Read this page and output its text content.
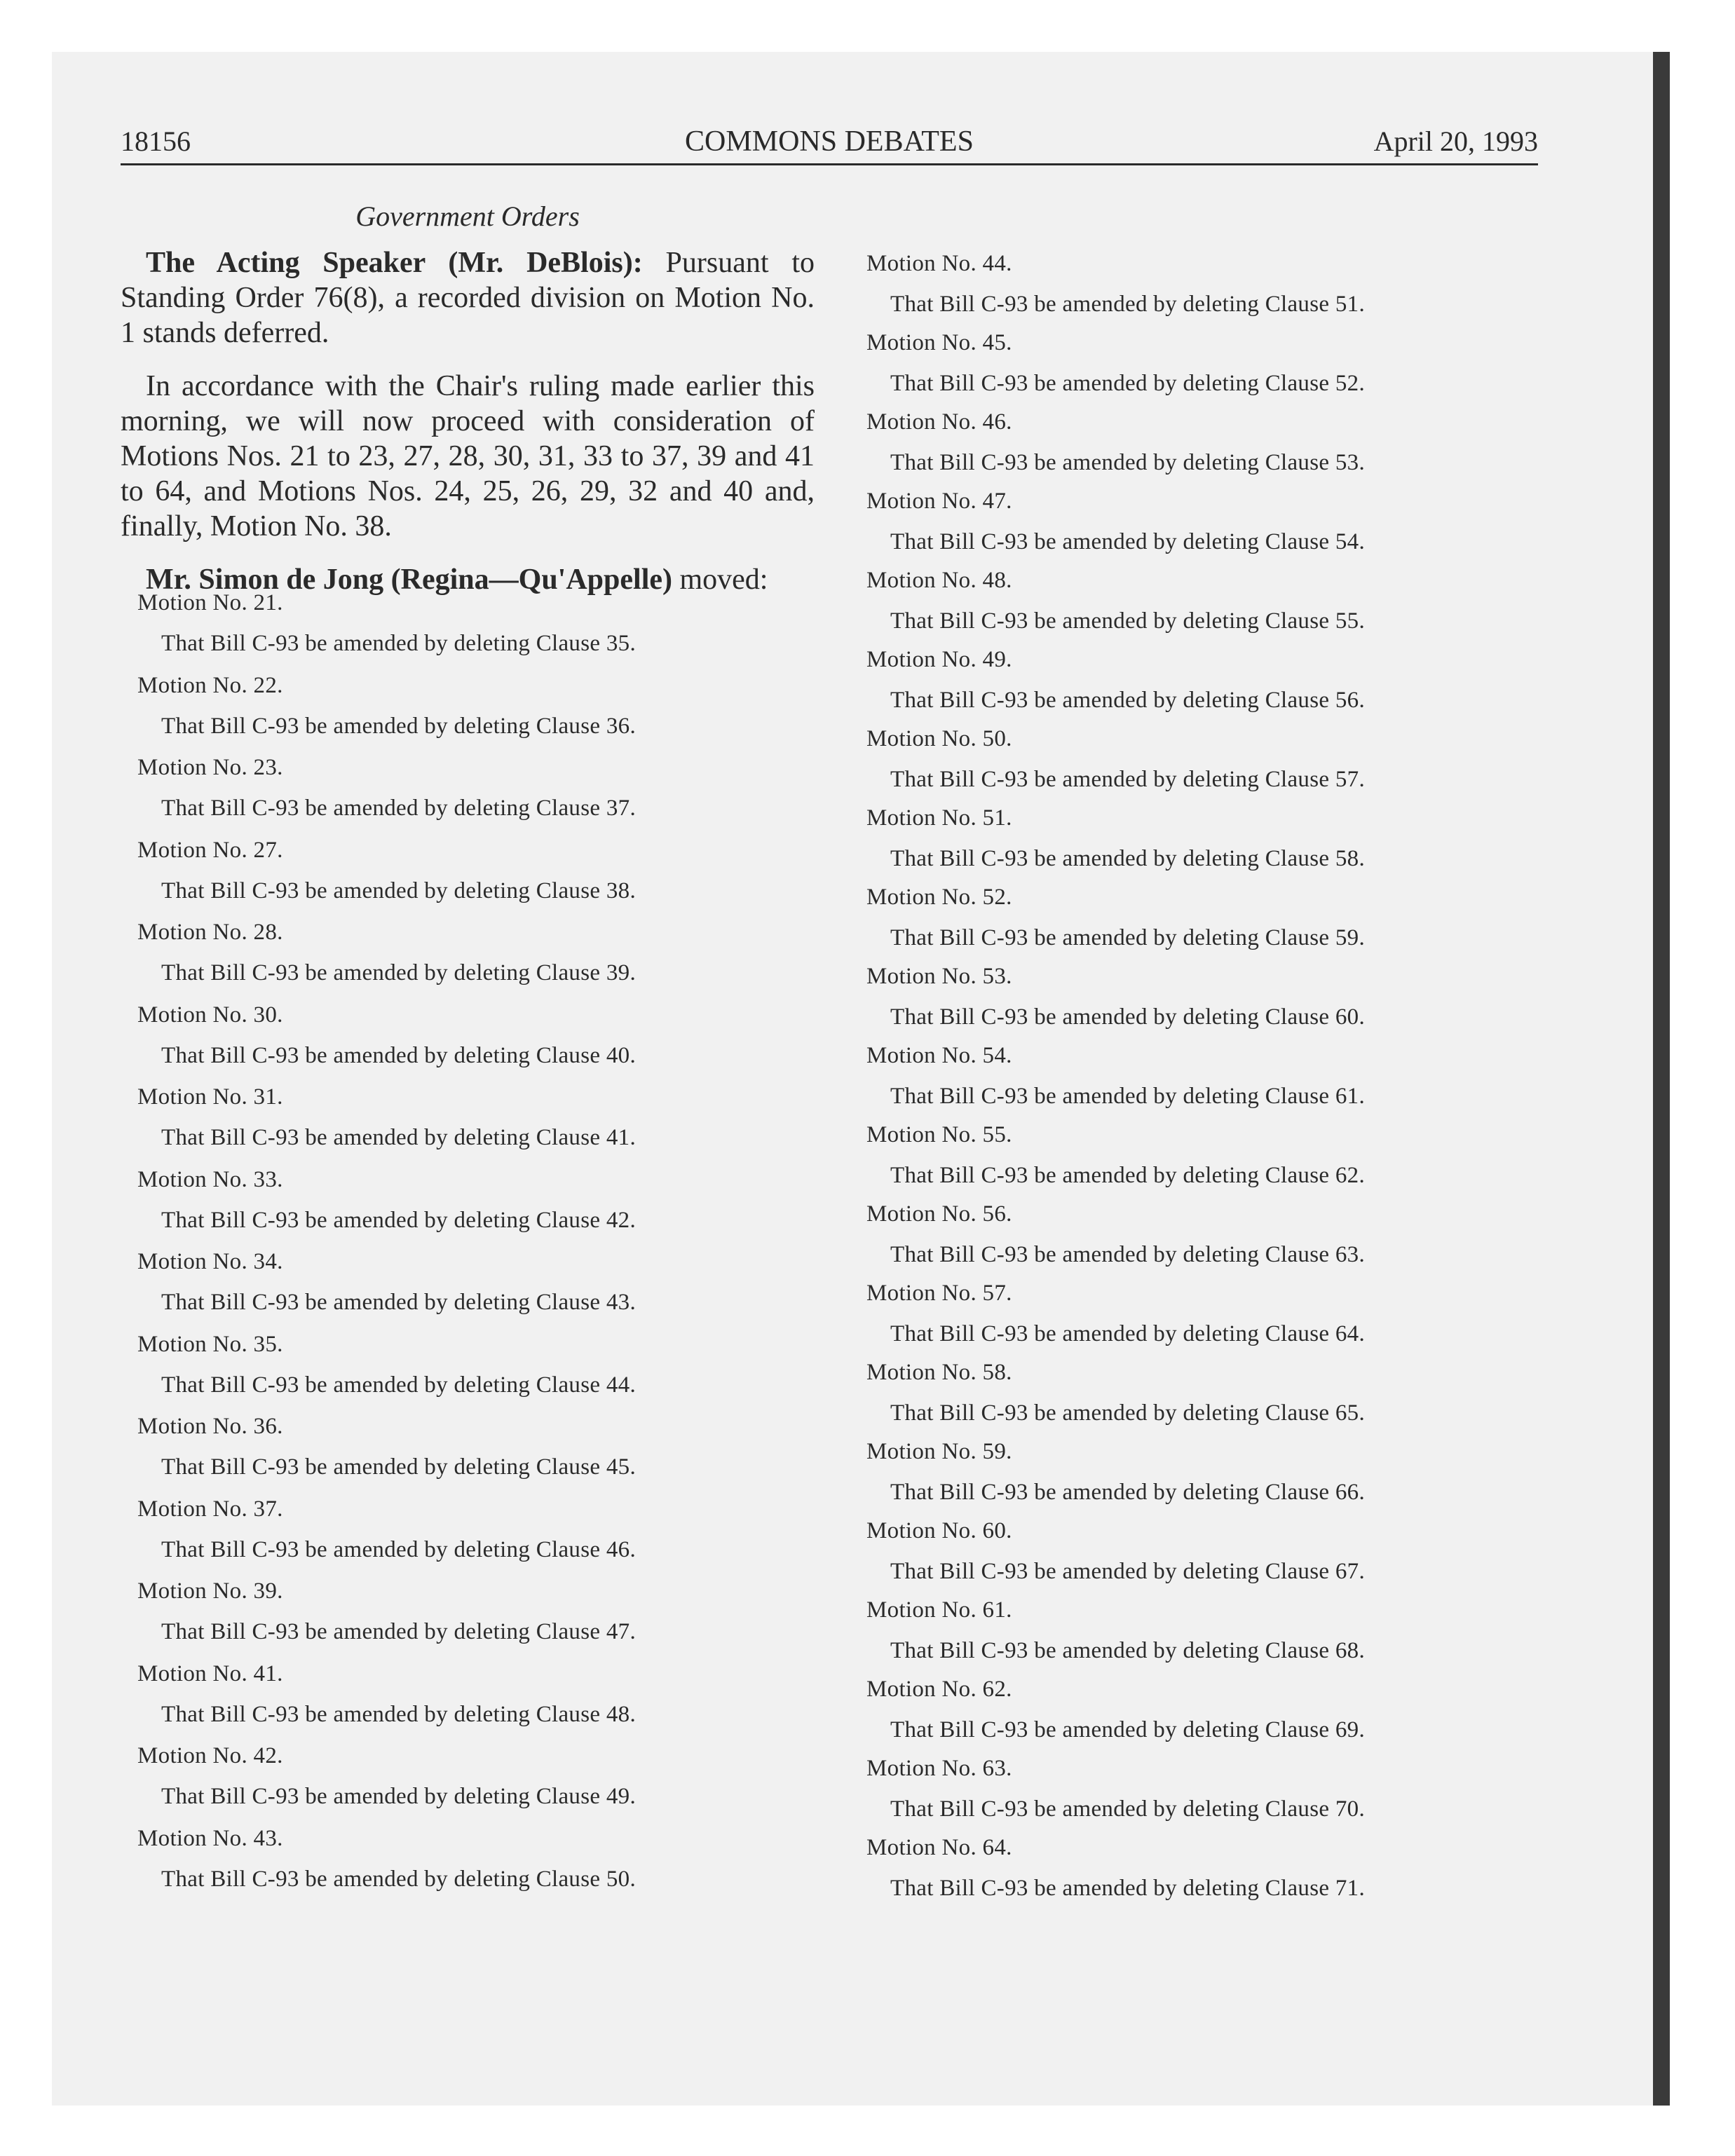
18156	COMMONS DEBATES	April 20, 1993
Government Orders

The Acting Speaker (Mr. DeBlois): Pursuant to Standing Order 76(8), a recorded division on Motion No. 1 stands deferred.

In accordance with the Chair's ruling made earlier this morning, we will now proceed with consideration of Motions Nos. 21 to 23, 27, 28, 30, 31, 33 to 37, 39 and 41 to 64, and Motions Nos. 24, 25, 26, 29, 32 and 40 and, finally, Motion No. 38.

Mr. Simon de Jong (Regina—Qu'Appelle) moved:

Motion No. 21.
That Bill C-93 be amended by deleting Clause 35.
Motion No. 22.
That Bill C-93 be amended by deleting Clause 36.
Motion No. 23.
That Bill C-93 be amended by deleting Clause 37.
Motion No. 27.
That Bill C-93 be amended by deleting Clause 38.
Motion No. 28.
That Bill C-93 be amended by deleting Clause 39.
Motion No. 30.
That Bill C-93 be amended by deleting Clause 40.
Motion No. 31.
That Bill C-93 be amended by deleting Clause 41.
Motion No. 33.
That Bill C-93 be amended by deleting Clause 42.
Motion No. 34.
That Bill C-93 be amended by deleting Clause 43.
Motion No. 35.
That Bill C-93 be amended by deleting Clause 44.
Motion No. 36.
That Bill C-93 be amended by deleting Clause 45.
Motion No. 37.
That Bill C-93 be amended by deleting Clause 46.
Motion No. 39.
That Bill C-93 be amended by deleting Clause 47.
Motion No. 41.
That Bill C-93 be amended by deleting Clause 48.
Motion No. 42.
That Bill C-93 be amended by deleting Clause 49.
Motion No. 43.
That Bill C-93 be amended by deleting Clause 50.
Motion No. 44.
That Bill C-93 be amended by deleting Clause 51.
Motion No. 45.
That Bill C-93 be amended by deleting Clause 52.
Motion No. 46.
That Bill C-93 be amended by deleting Clause 53.
Motion No. 47.
That Bill C-93 be amended by deleting Clause 54.
Motion No. 48.
That Bill C-93 be amended by deleting Clause 55.
Motion No. 49.
That Bill C-93 be amended by deleting Clause 56.
Motion No. 50.
That Bill C-93 be amended by deleting Clause 57.
Motion No. 51.
That Bill C-93 be amended by deleting Clause 58.
Motion No. 52.
That Bill C-93 be amended by deleting Clause 59.
Motion No. 53.
That Bill C-93 be amended by deleting Clause 60.
Motion No. 54.
That Bill C-93 be amended by deleting Clause 61.
Motion No. 55.
That Bill C-93 be amended by deleting Clause 62.
Motion No. 56.
That Bill C-93 be amended by deleting Clause 63.
Motion No. 57.
That Bill C-93 be amended by deleting Clause 64.
Motion No. 58.
That Bill C-93 be amended by deleting Clause 65.
Motion No. 59.
That Bill C-93 be amended by deleting Clause 66.
Motion No. 60.
That Bill C-93 be amended by deleting Clause 67.
Motion No. 61.
That Bill C-93 be amended by deleting Clause 68.
Motion No. 62.
That Bill C-93 be amended by deleting Clause 69.
Motion No. 63.
That Bill C-93 be amended by deleting Clause 70.
Motion No. 64.
That Bill C-93 be amended by deleting Clause 71.
